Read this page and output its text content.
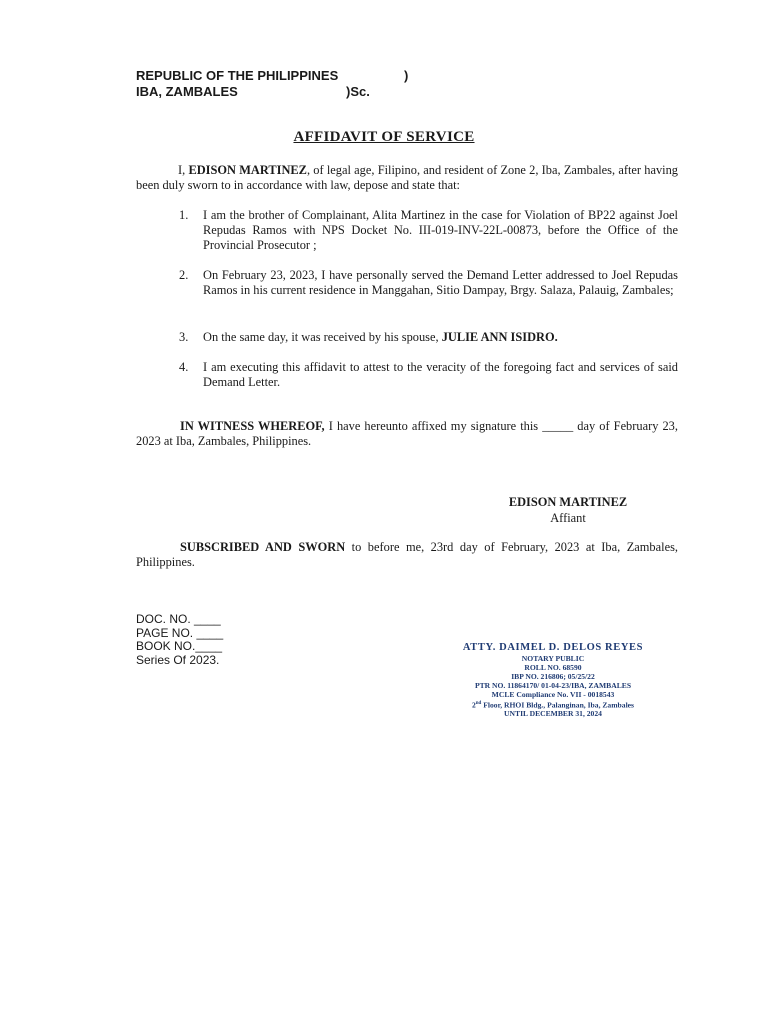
REPUBLIC OF THE PHILIPPINES	)
IBA, ZAMBALES	)Sc.
AFFIDAVIT OF SERVICE
I, EDISON MARTINEZ, of legal age, Filipino, and resident of Zone 2, Iba, Zambales, after having been duly sworn to in accordance with law, depose and state that:
1. I am the brother of Complainant, Alita Martinez in the case for Violation of BP22 against Joel Repudas Ramos with NPS Docket No. III-019-INV-22L-00873, before the Office of the Provincial Prosecutor ;
2. On February 23, 2023, I have personally served the Demand Letter addressed to Joel Repudas Ramos in his current residence in Manggahan, Sitio Dampay, Brgy. Salaza, Palauig, Zambales;
3. On the same day, it was received by his spouse, JULIE ANN ISIDRO.
4. I am executing this affidavit to attest to the veracity of the foregoing fact and services of said Demand Letter.
IN WITNESS WHEREOF, I have hereunto affixed my signature this _____ day of February 23, 2023 at Iba, Zambales, Philippines.
EDISON MARTINEZ
Affiant
SUBSCRIBED AND SWORN to before me, 23rd day of February, 2023 at Iba, Zambales, Philippines.
DOC. NO. ____
PAGE NO. ____
BOOK NO.____
Series Of 2023.
ATTY. DAIMEL D. DELOS REYES
NOTARY PUBLIC
ROLL NO. 68590
IBP NO. 216806; 05/25/22
PTR NO. 11864170/ 01-04-23/IBA, ZAMBALES
MCLE Compliance No. VII - 0018543
2nd Floor, RHOI Bldg., Palanginan, Iba, Zambales
UNTIL DECEMBER 31, 2024
